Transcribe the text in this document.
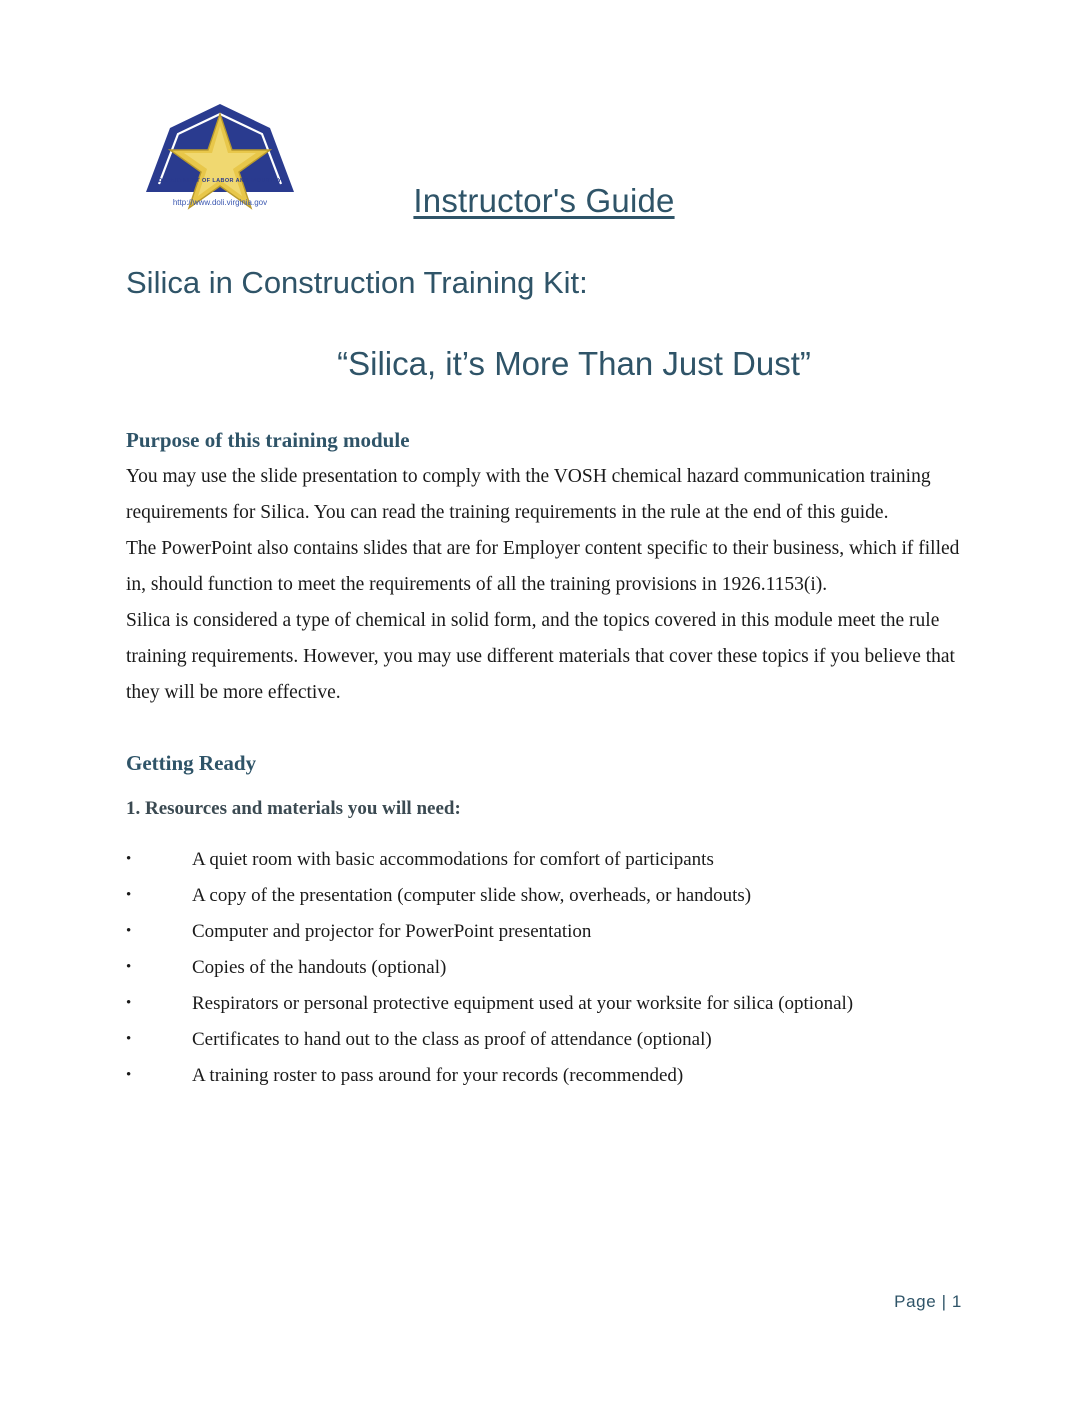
DEPARTMENT OF LABOR AND INDUSTRY
http://www.doli.virginia.gov	Instructor's Guide
Silica in Construction Training Kit:
“Silica, it’s More Than Just Dust”
Purpose of this training module

You may use the slide presentation to comply with the VOSH chemical hazard communication training requirements for Silica. You can read the training requirements in the rule at the end of this guide.

The PowerPoint also contains slides that are for Employer content specific to their business, which if filled in, should function to meet the requirements of all the training provisions in 1926.1153(i).

Silica is considered a type of chemical in solid form, and the topics covered in this module meet the rule training requirements. However, you may use different materials that cover these topics if you believe that they will be more effective.

Getting Ready
1. Resources and materials you will need:
• A quiet room with basic accommodations for comfort of participants
• A copy of the presentation (computer slide show, overheads, or handouts)
• Computer and projector for PowerPoint presentation
• Copies of the handouts (optional)
• Respirators or personal protective equipment used at your worksite for silica (optional)
• Certificates to hand out to the class as proof of attendance (optional)
• A training roster to pass around for your records (recommended)
Page | 1
